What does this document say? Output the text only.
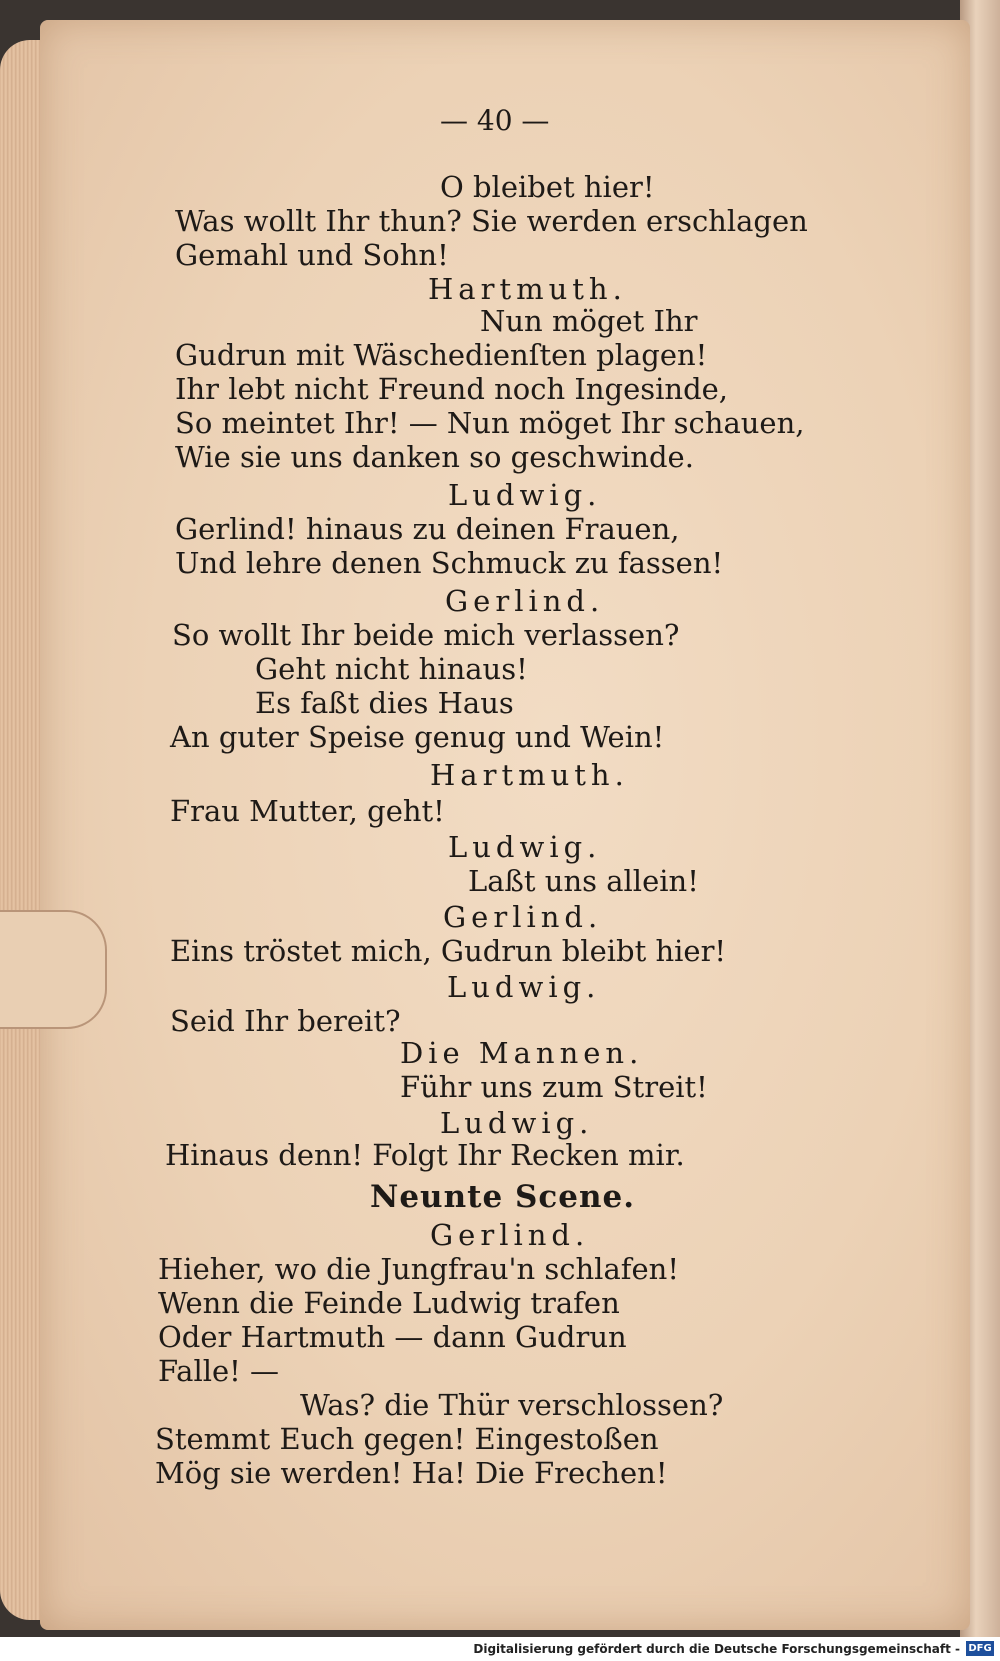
— 40 —
O bleibet hier!
Was wollt Ihr thun? Sie werden erschlagen
Gemahl und Sohn!
Hartmuth.
Nun möget Ihr
Gudrun mit Wäschedienſten plagen!
Ihr lebt nicht Freund noch Ingesinde,
So meintet Ihr! — Nun möget Ihr schauen,
Wie sie uns danken so geschwinde.
Ludwig.
Gerlind! hinaus zu deinen Frauen,
Und lehre denen Schmuck zu fassen!
Gerlind.
So wollt Ihr beide mich verlassen?
Geht nicht hinaus!
Es faßt dies Haus
An guter Speise genug und Wein!
Hartmuth.
Frau Mutter, geht!
Ludwig.
Laßt uns allein!
Gerlind.
Eins tröstet mich, Gudrun bleibt hier!
Ludwig.
Seid Ihr bereit?
Die Mannen.
Führ uns zum Streit!
Ludwig.
Hinaus denn! Folgt Ihr Recken mir.
Neunte Scene.
Gerlind.
Hieher, wo die Jungfrau'n schlafen!
Wenn die Feinde Ludwig trafen
Oder Hartmuth — dann Gudrun
Falle! —
Was? die Thür verschlossen?
Stemmt Euch gegen! Eingestoßen
Mög sie werden! Ha! Die Frechen!
Digitalisierung gefördert durch die Deutsche Forschungsgemeinschaft - DFG
